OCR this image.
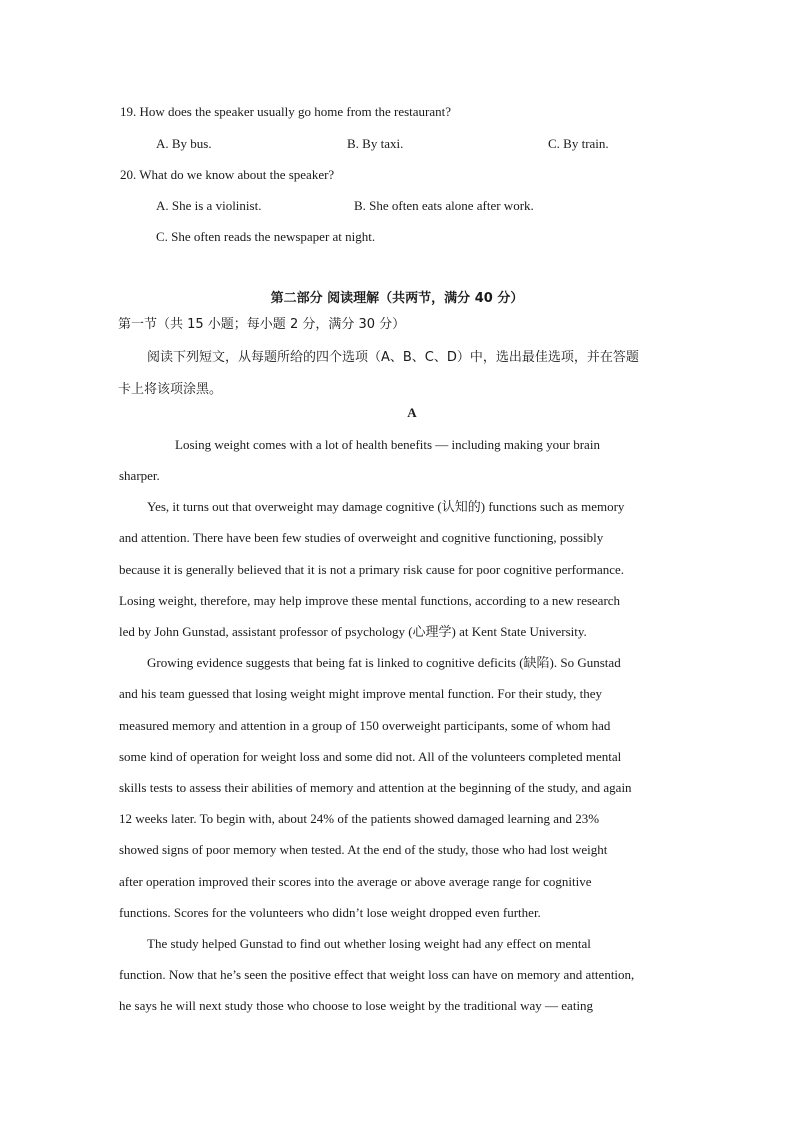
19. How does the speaker usually go home from the restaurant?
A. By bus.	B. By taxi.	C. By train.
20. What do we know about the speaker?
A. She is a violinist.	B. She often eats alone after work.
C. She often reads the newspaper at night.
第二部分 阅读理解（共两节，满分 40 分）
第一节（共 15 小题；每小题 2 分，满分 30 分）
阅读下列短文，从每题所给的四个选项（A、B、C、D）中，选出最佳选项，并在答题
卡上将该项涂黑。
A
Losing weight comes with a lot of health benefits — including making your brain
sharper.
Yes, it turns out that overweight may damage cognitive (认知的) functions such as memory
and attention. There have been few studies of overweight and cognitive functioning, possibly
because it is generally believed that it is not a primary risk cause for poor cognitive performance.
Losing weight, therefore, may help improve these mental functions, according to a new research
led by John Gunstad, assistant professor of psychology (心理学) at Kent State University.
Growing evidence suggests that being fat is linked to cognitive deficits (缺陷). So Gunstad
and his team guessed that losing weight might improve mental function. For their study, they
measured memory and attention in a group of 150 overweight participants, some of whom had
some kind of operation for weight loss and some did not. All of the volunteers completed mental
skills tests to assess their abilities of memory and attention at the beginning of the study, and again
12 weeks later. To begin with, about 24% of the patients showed damaged learning and 23%
showed signs of poor memory when tested. At the end of the study, those who had lost weight
after operation improved their scores into the average or above average range for cognitive
functions. Scores for the volunteers who didn’t lose weight dropped even further.
The study helped Gunstad to find out whether losing weight had any effect on mental
function. Now that he’s seen the positive effect that weight loss can have on memory and attention,
he says he will next study those who choose to lose weight by the traditional way — eating
